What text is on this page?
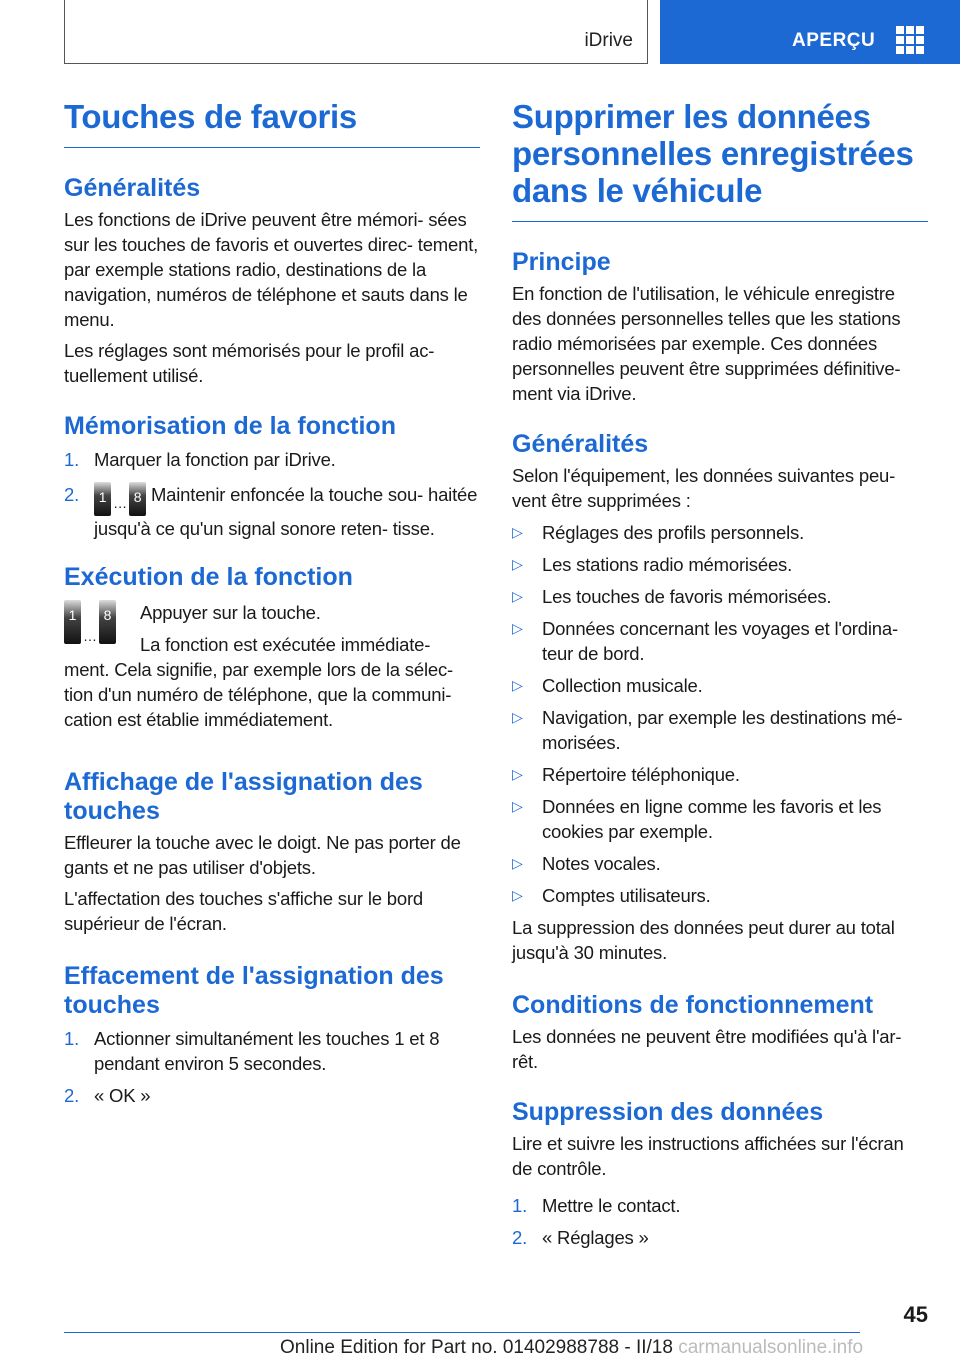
iDrive	APERÇU
Touches de favoris
Généralités

Les fonctions de iDrive peuvent être mémori‐ sées sur les touches de favoris et ouvertes direc‐ tement, par exemple stations radio, destinations de la navigation, numéros de téléphone et sauts dans le menu.

Les réglages sont mémorisés pour le profil ac‐ tuellement utilisé.

Mémorisation de la fonction
1. Marquer la fonction par iDrive.
2. 1 … 8 Maintenir enfoncée la touche sou‐ haitée jusqu'à ce qu'un signal sonore reten‐ tisse.
Exécution de la fonction
1…8	Appuyer sur la touche.

La fonction est exécutée immédiate‐ ment. Cela signifie, par exemple lors de la sélec‐ tion d'un numéro de téléphone, que la communi‐ cation est établie immédiatement.

Affichage de l'assignation des touches

Effleurer la touche avec le doigt. Ne pas porter de gants et ne pas utiliser d'objets.

L'affectation des touches s'affiche sur le bord supérieur de l'écran.

Effacement de l'assignation des touches
1. Actionner simultanément les touches 1 et 8 pendant environ 5 secondes.
2. « OK »
Supprimer les données personnelles enregistrées dans le véhicule
Principe

En fonction de l'utilisation, le véhicule enregistre des données personnelles telles que les stations radio mémorisées par exemple. Ces données personnelles peuvent être supprimées définitive‐ ment via iDrive.

Généralités

Selon l'équipement, les données suivantes peu‐ vent être supprimées :

▷ Réglages des profils personnels.
▷ Les stations radio mémorisées.
▷ Les touches de favoris mémorisées.
▷ Données concernant les voyages et l'ordina‐ teur de bord.
▷ Collection musicale.
▷ Navigation, par exemple les destinations mé‐ morisées.
▷ Répertoire téléphonique.
▷ Données en ligne comme les favoris et les cookies par exemple.
▷ Notes vocales.
▷ Comptes utilisateurs.

La suppression des données peut durer au total jusqu'à 30 minutes.

Conditions de fonctionnement

Les données ne peuvent être modifiées qu'à l'ar‐ rêt.

Suppression des données

Lire et suivre les instructions affichées sur l'écran de contrôle.

1. Mettre le contact.
2. « Réglages »
45
Online Edition for Part no. 01402988788 - II/18 carmanualsonline.info
